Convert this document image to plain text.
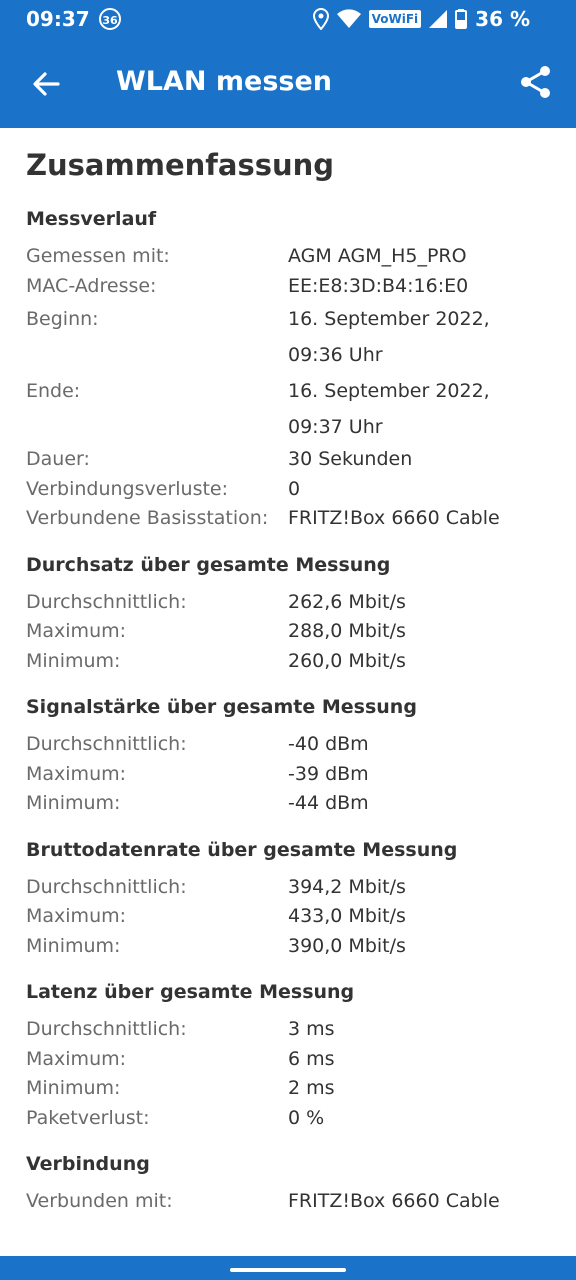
09:37	36	VoWiFi	36 %
WLAN messen
Zusammenfassung
Messverlauf
Gemessen mit:	AGM AGM_H5_PRO
MAC-Adresse:	EE:E8:3D:B4:16:E0
Beginn:	16. September 2022, 09:36 Uhr
Ende:	16. September 2022, 09:37 Uhr
Dauer:	30 Sekunden
Verbindungsverluste:	0
Verbundene Basisstation:	FRITZ!Box 6660 Cable
Durchsatz über gesamte Messung
Durchschnittlich:	262,6 Mbit/s
Maximum:	288,0 Mbit/s
Minimum:	260,0 Mbit/s
Signalstärke über gesamte Messung
Durchschnittlich:	-40 dBm
Maximum:	-39 dBm
Minimum:	-44 dBm
Bruttodatenrate über gesamte Messung
Durchschnittlich:	394,2 Mbit/s
Maximum:	433,0 Mbit/s
Minimum:	390,0 Mbit/s
Latenz über gesamte Messung
Durchschnittlich:	3 ms
Maximum:	6 ms
Minimum:	2 ms
Paketverlust:	0 %
Verbindung
Verbunden mit:	FRITZ!Box 6660 Cable
